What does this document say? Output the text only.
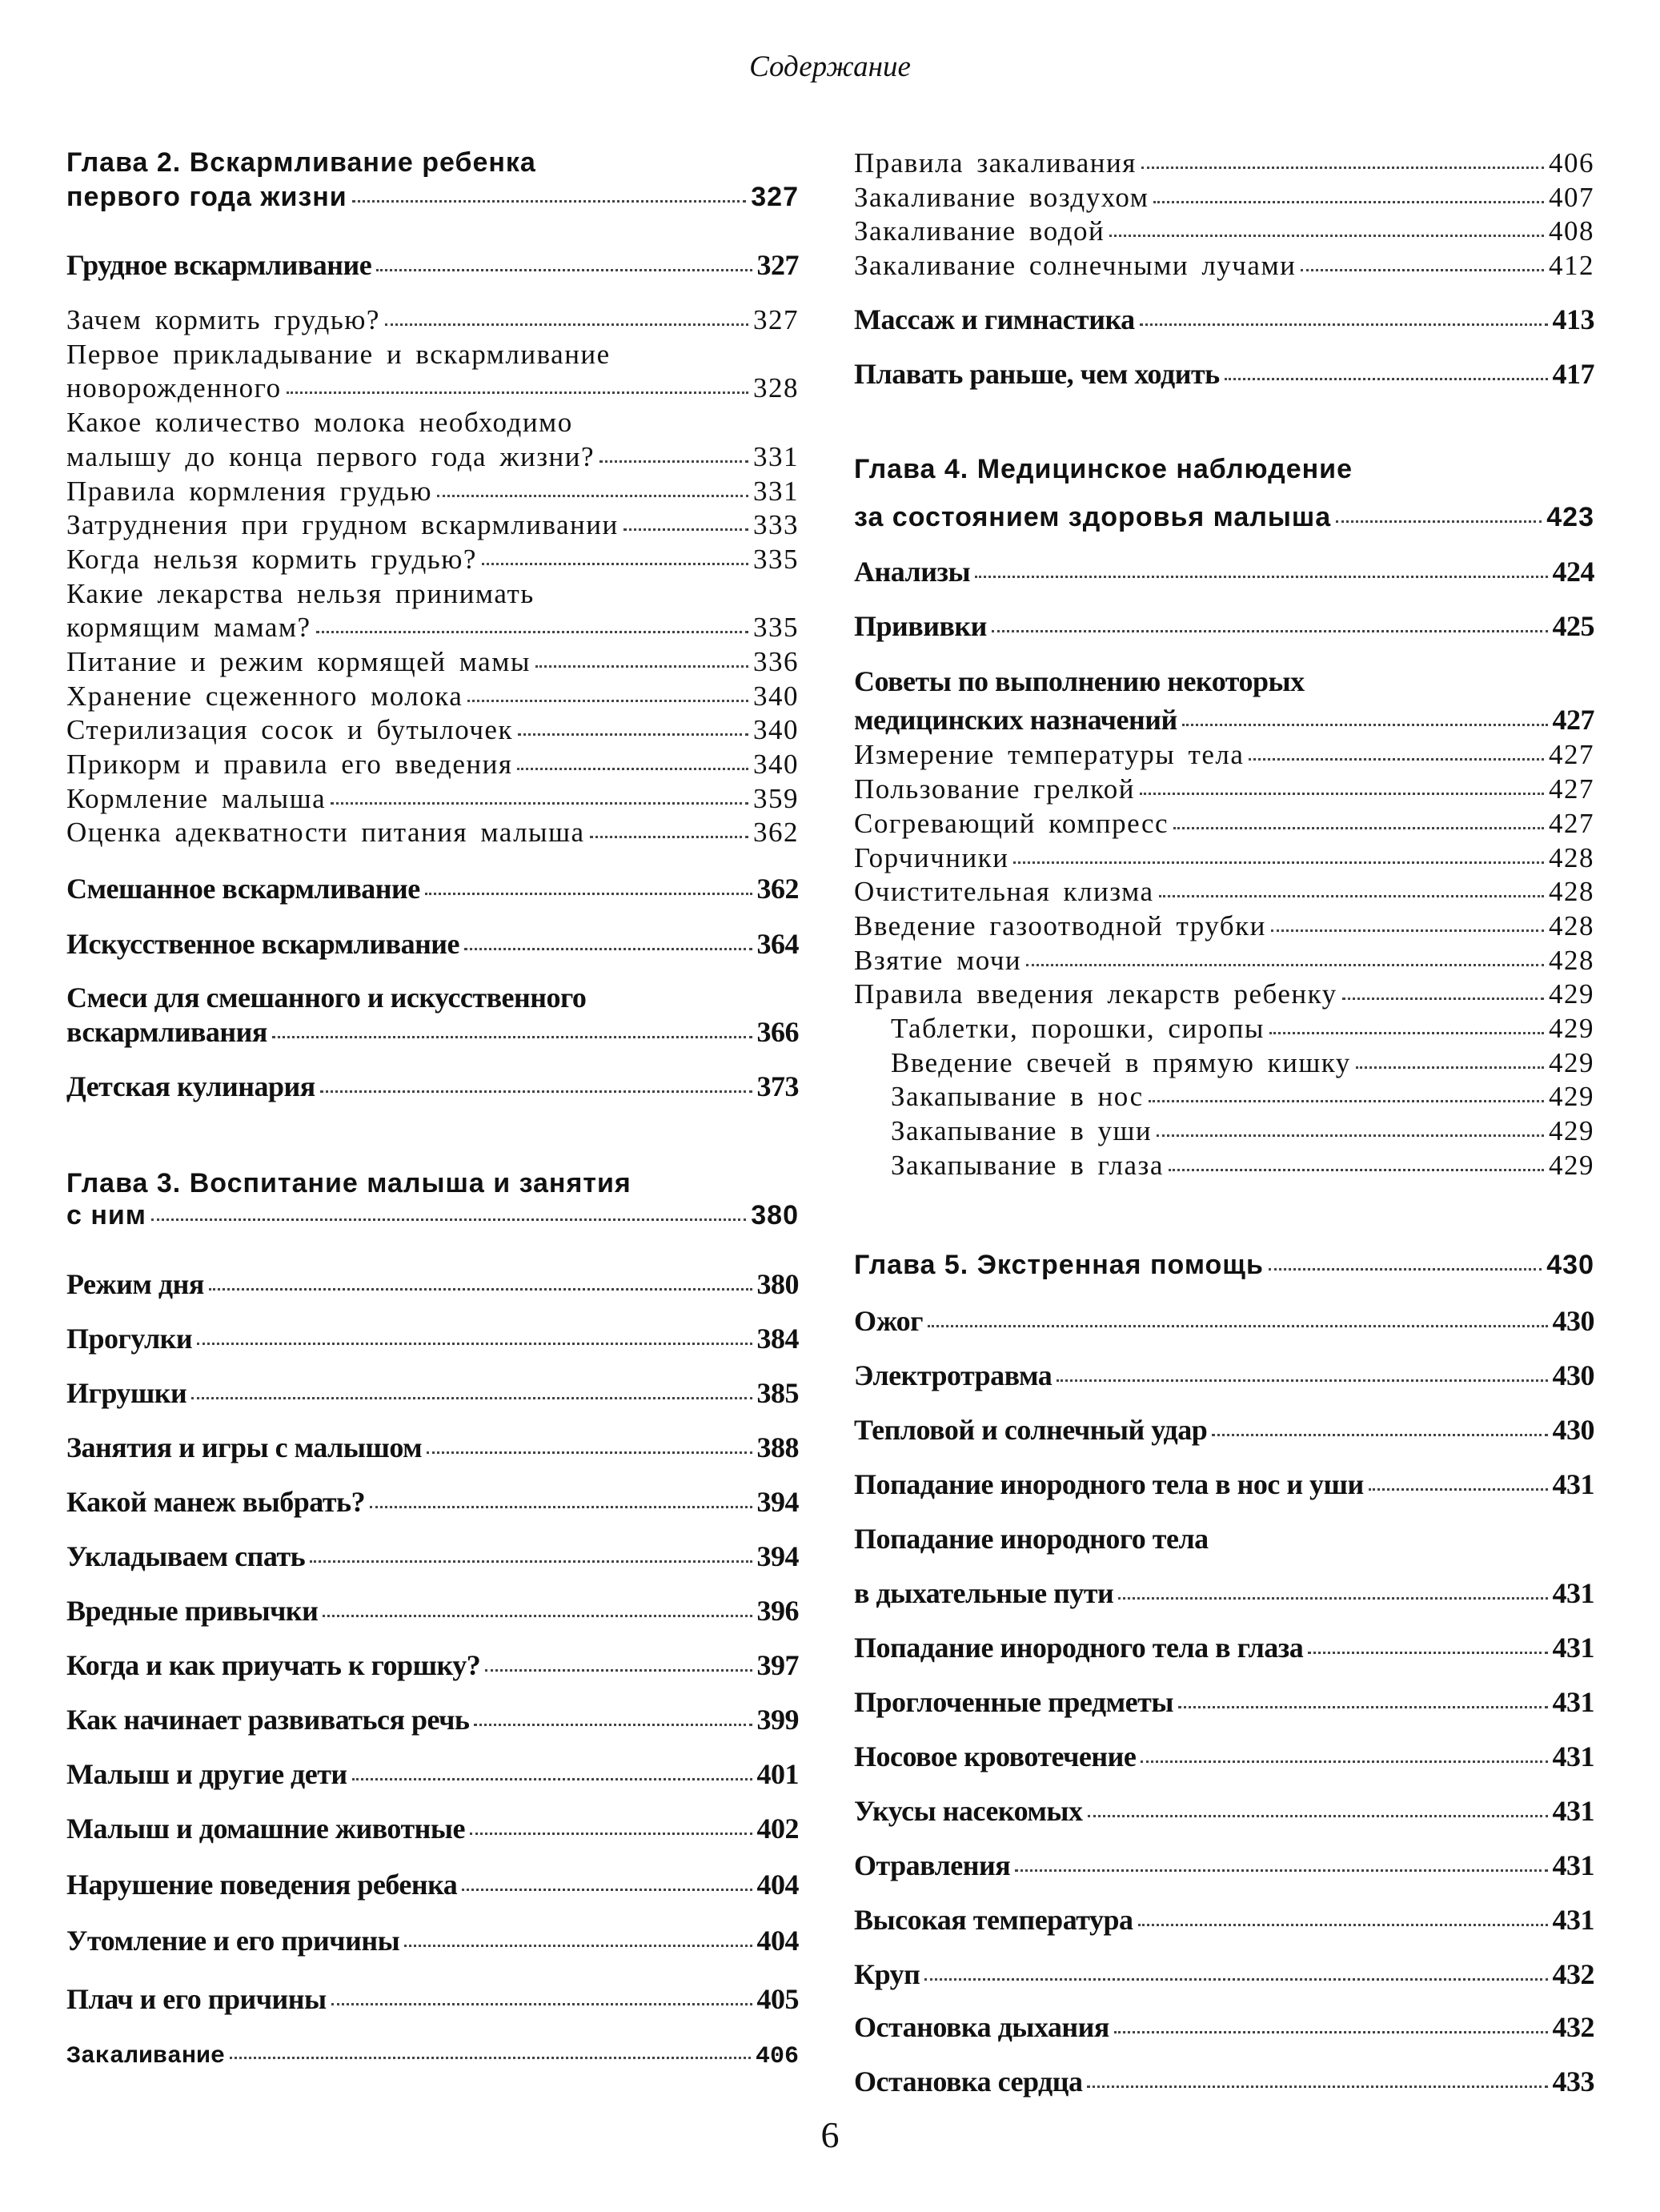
Содержание
Глава 2. Вскармливание ребенка
первого года жизни	327
Грудное вскармливание	327
Зачем кормить грудью?	327
Первое прикладывание и вскармливание
новорожденного	328
Какое количество молока необходимо
малышу до конца первого года жизни?	331
Правила кормления грудью	331
Затруднения при грудном вскармливании	333
Когда нельзя кормить грудью?	335
Какие лекарства нельзя принимать
кормящим мамам?	335
Питание и режим кормящей мамы	336
Хранение сцеженного молока	340
Стерилизация сосок и бутылочек	340
Прикорм и правила его введения	340
Кормление малыша	359
Оценка адекватности питания малыша	362
Смешанное вскармливание	362
Искусственное вскармливание	364
Смеси для смешанного и искусственного
вскармливания	366
Детская кулинария	373
Глава 3. Воспитание малыша и занятия
с ним	380
Режим дня	380
Прогулки	384
Игрушки	385
Занятия и игры с малышом	388
Какой манеж выбрать?	394
Укладываем спать	394
Вредные привычки	396
Когда и как приучать к горшку?	397
Как начинает развиваться речь	399
Малыш и другие дети	401
Малыш и домашние животные	402
Нарушение поведения ребенка	404
Утомление и его причины	404
Плач и его причины	405
Закаливание	406
Правила закаливания	406
Закаливание воздухом	407
Закаливание водой	408
Закаливание солнечными лучами	412
Массаж и гимнастика	413
Плавать раньше, чем ходить	417
Глава 4. Медицинское наблюдение
за состоянием здоровья малыша	423
Анализы	424
Прививки	425
Советы по выполнению некоторых
медицинских назначений	427
Измерение температуры тела	427
Пользование грелкой	427
Согревающий компресс	427
Горчичники	428
Очистительная клизма	428
Введение газоотводной трубки	428
Взятие мочи	428
Правила введения лекарств ребенку	429
Таблетки, порошки, сиропы	429
Введение свечей в прямую кишку	429
Закапывание в нос	429
Закапывание в уши	429
Закапывание в глаза	429
Глава 5. Экстренная помощь	430
Ожог	430
Электротравма	430
Тепловой и солнечный удар	430
Попадание инородного тела в нос и уши	431
Попадание инородного тела
в дыхательные пути	431
Попадание инородного тела в глаза	431
Проглоченные предметы	431
Носовое кровотечение	431
Укусы насекомых	431
Отравления	431
Высокая температура	431
Круп	432
Остановка дыхания	432
Остановка сердца	433
6
